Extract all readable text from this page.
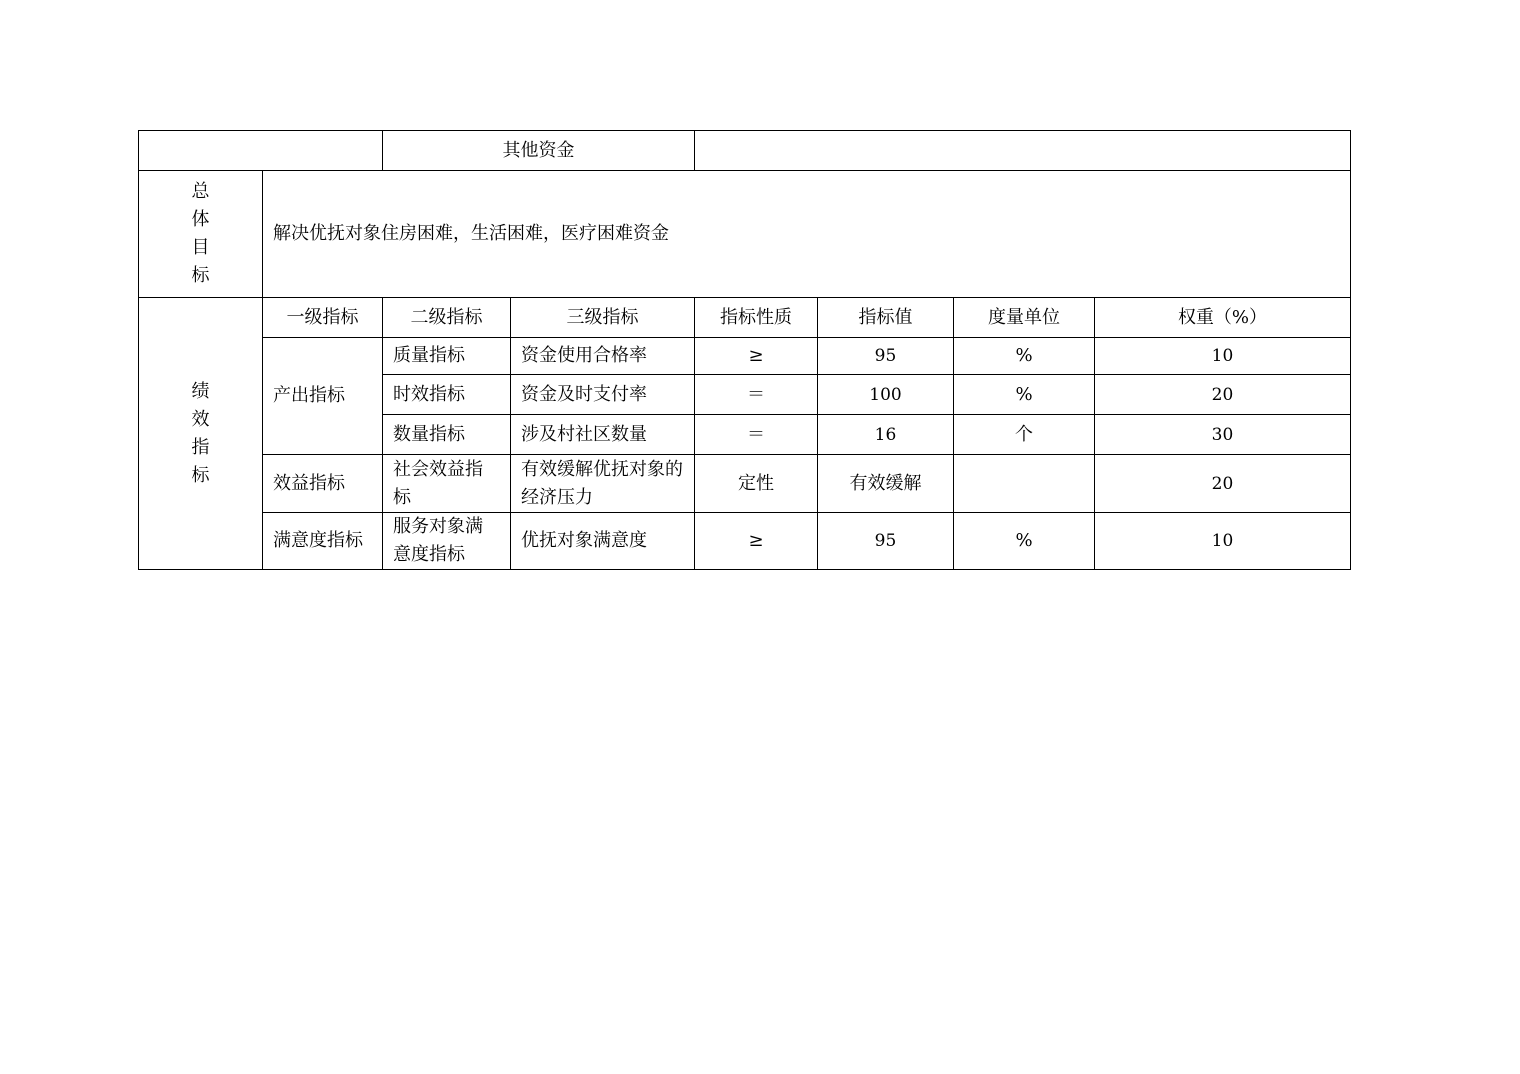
		其他资金					

总
体
目
标	解决优抚对象住房困难，生活困难，医疗困难资金						

绩
效
指
标	一级指标	二级指标	三级指标	指标性质	指标值	度量单位	权重（%）
	产出指标	质量指标	资金使用合格率	≥	95	%	10
		时效指标	资金及时支付率	＝	100	%	20
		数量指标	涉及村社区数量	＝	16	个	30
	效益指标	社会效益指标	有效缓解优抚对象的经济压力	定性	有效缓解		20
	满意度指标	服务对象满意度指标	优抚对象满意度	≥	95	%	10
